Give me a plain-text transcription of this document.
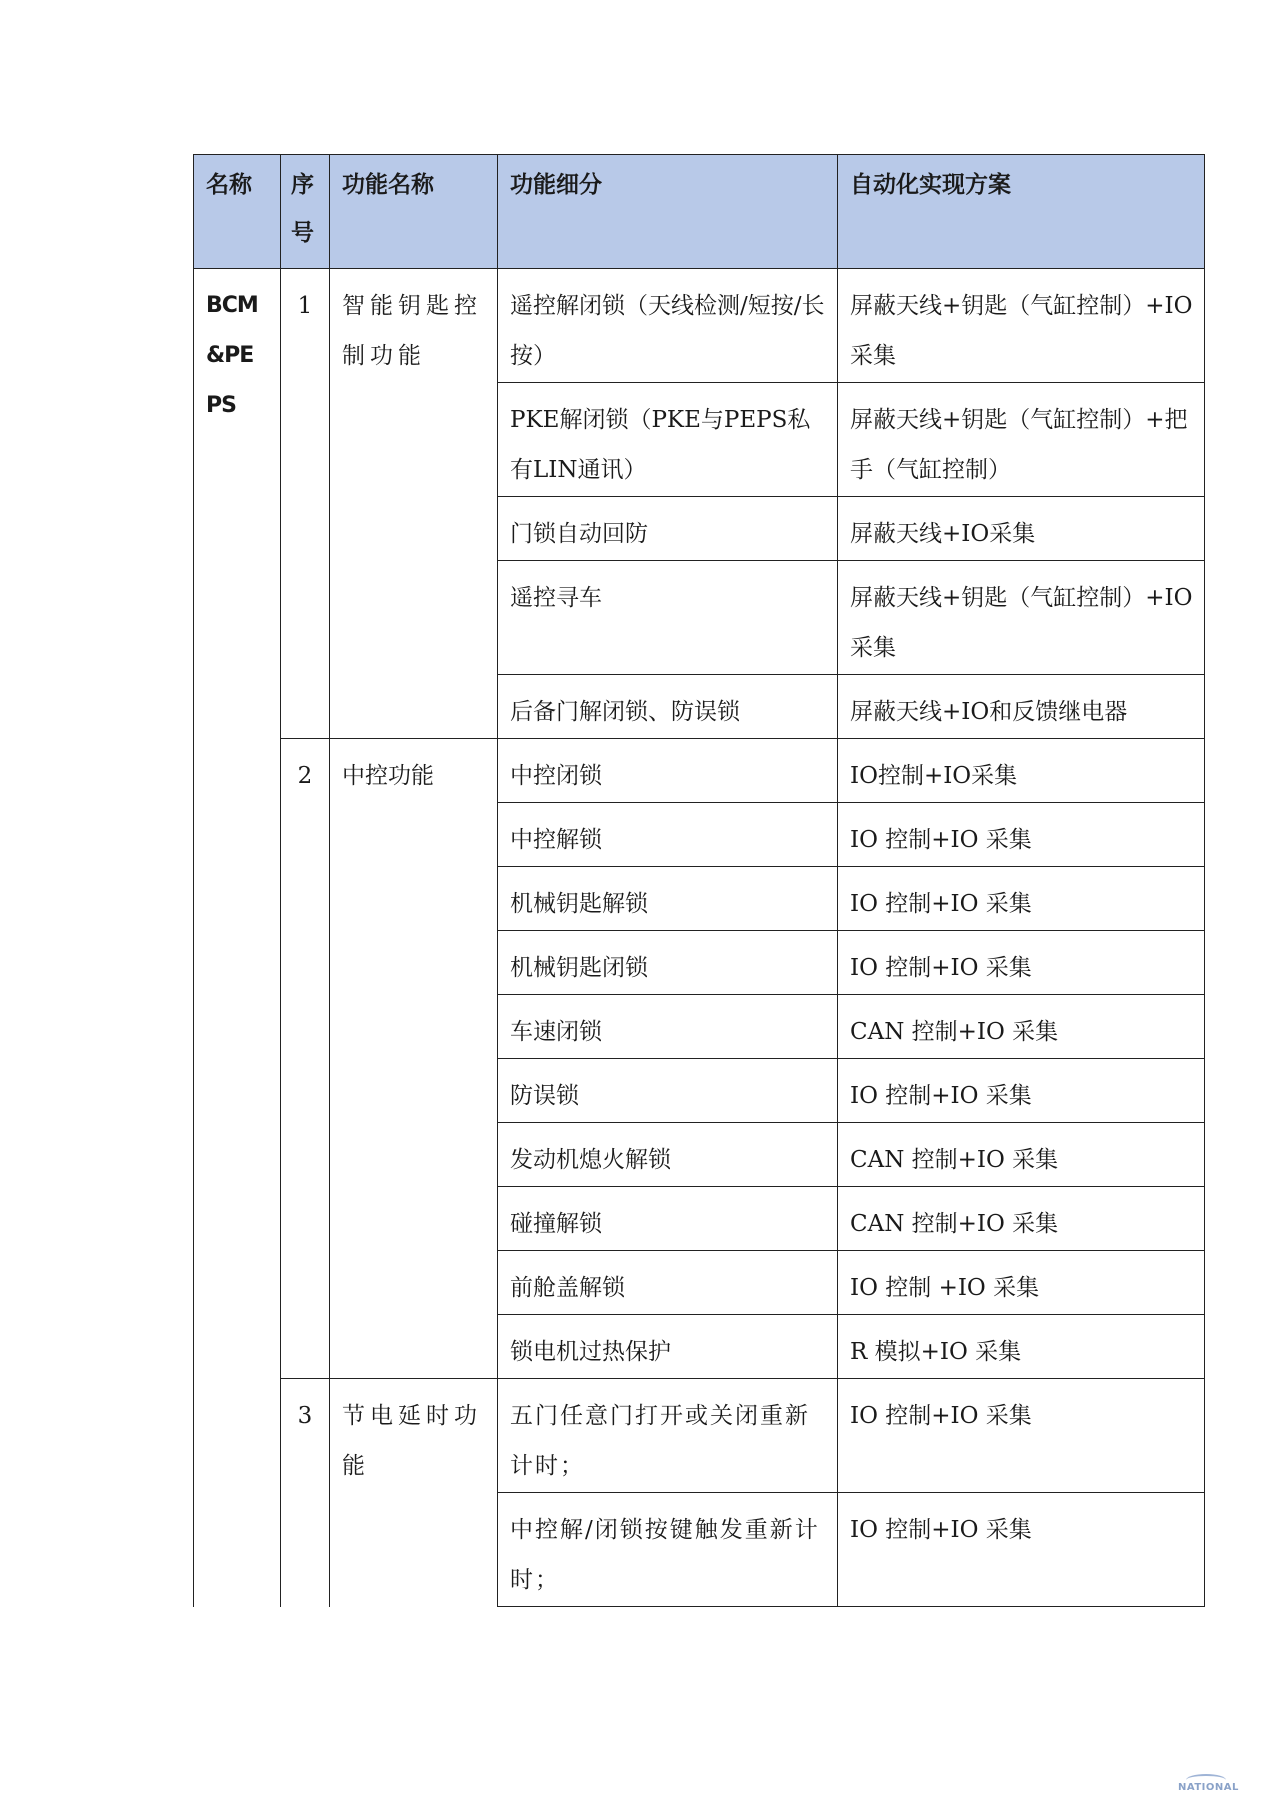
名称	序号	功能名称	功能细分	自动化实现方案

BCM&PEPS	1	智能钥匙控制功能	遥控解闭锁（天线检测/短按/长按）	屏蔽天线+钥匙（气缸控制）+IO采集
			PKE解闭锁（PKE与PEPS私有LIN通讯）	屏蔽天线+钥匙（气缸控制）+把手（气缸控制）
			门锁自动回防	屏蔽天线+IO采集
			遥控寻车	屏蔽天线+钥匙（气缸控制）+IO采集
			后备门解闭锁、防误锁	屏蔽天线+IO和反馈继电器
	2	中控功能	中控闭锁	IO控制+IO采集
			中控解锁	IO 控制+IO 采集
			机械钥匙解锁	IO 控制+IO 采集
			机械钥匙闭锁	IO 控制+IO 采集
			车速闭锁	CAN 控制+IO 采集
			防误锁	IO 控制+IO 采集
			发动机熄火解锁	CAN 控制+IO 采集
			碰撞解锁	CAN 控制+IO 采集
			前舱盖解锁	IO 控制 +IO 采集
			锁电机过热保护	R 模拟+IO 采集
	3	节电延时功能	五门任意门打开或关闭重新计时；	IO 控制+IO 采集
			中控解/闭锁按键触发重新计时；	IO 控制+IO 采集
NATIONAL
